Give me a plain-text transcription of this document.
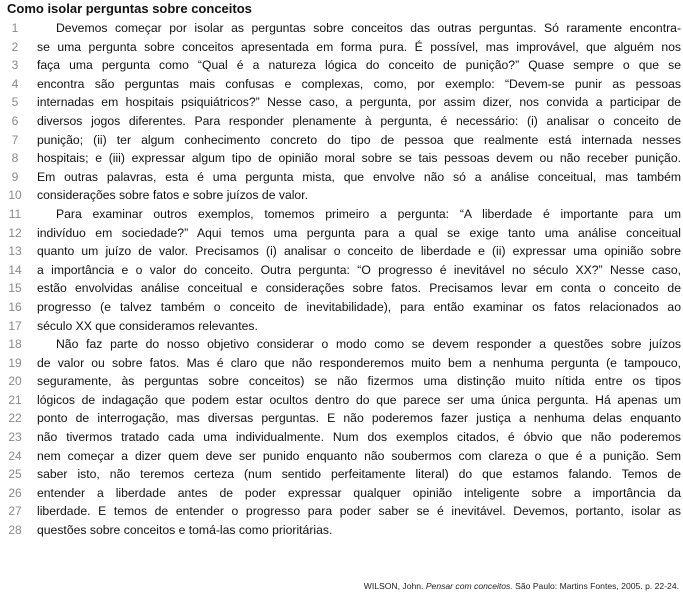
Como isolar perguntas sobre conceitos
1	Devemos começar por isolar as perguntas sobre conceitos das outras perguntas. Só raramente encontra-
2	se uma pergunta sobre conceitos apresentada em forma pura. É possível, mas improvável, que alguém nos
3	faça uma pergunta como “Qual é a natureza lógica do conceito de punição?” Quase sempre o que se
4	encontra são perguntas mais confusas e complexas, como, por exemplo: “Devem-se punir as pessoas
5	internadas em hospitais psiquiátricos?” Nesse caso, a pergunta, por assim dizer, nos convida a participar de
6	diversos jogos diferentes. Para responder plenamente à pergunta, é necessário: (i) analisar o conceito de
7	punição; (ii) ter algum conhecimento concreto do tipo de pessoa que realmente está internada nesses
8	hospitais; e (iii) expressar algum tipo de opinião moral sobre se tais pessoas devem ou não receber punição.
9	Em outras palavras, esta é uma pergunta mista, que envolve não só a análise conceitual, mas também
10	considerações sobre fatos e sobre juízos de valor.
11	Para examinar outros exemplos, tomemos primeiro a pergunta: “A liberdade é importante para um
12	indivíduo em sociedade?” Aqui temos uma pergunta para a qual se exige tanto uma análise conceitual
13	quanto um juízo de valor. Precisamos (i) analisar o conceito de liberdade e (ii) expressar uma opinião sobre
14	a importância e o valor do conceito. Outra pergunta: “O progresso é inevitável no século XX?” Nesse caso,
15	estão envolvidas análise conceitual e considerações sobre fatos. Precisamos levar em conta o conceito de
16	progresso (e talvez também o conceito de inevitabilidade), para então examinar os fatos relacionados ao
17	século XX que consideramos relevantes.
18	Não faz parte do nosso objetivo considerar o modo como se devem responder a questões sobre juízos
19	de valor ou sobre fatos. Mas é claro que não responderemos muito bem a nenhuma pergunta (e tampouco,
20	seguramente, às perguntas sobre conceitos) se não fizermos uma distinção muito nítida entre os tipos
21	lógicos de indagação que podem estar ocultos dentro do que parece ser uma única pergunta. Há apenas um
22	ponto de interrogação, mas diversas perguntas. E não poderemos fazer justiça a nenhuma delas enquanto
23	não tivermos tratado cada uma individualmente. Num dos exemplos citados, é óbvio que não poderemos
24	nem começar a dizer quem deve ser punido enquanto não soubermos com clareza o que é a punição. Sem
25	saber isto, não teremos certeza (num sentido perfeitamente literal) do que estamos falando. Temos de
26	entender a liberdade antes de poder expressar qualquer opinião inteligente sobre a importância da
27	liberdade. E temos de entender o progresso para poder saber se é inevitável. Devemos, portanto, isolar as
28	questões sobre conceitos e tomá-las como prioritárias.
WILSON, John. Pensar com conceitos. São Paulo: Martins Fontes, 2005. p. 22-24.
